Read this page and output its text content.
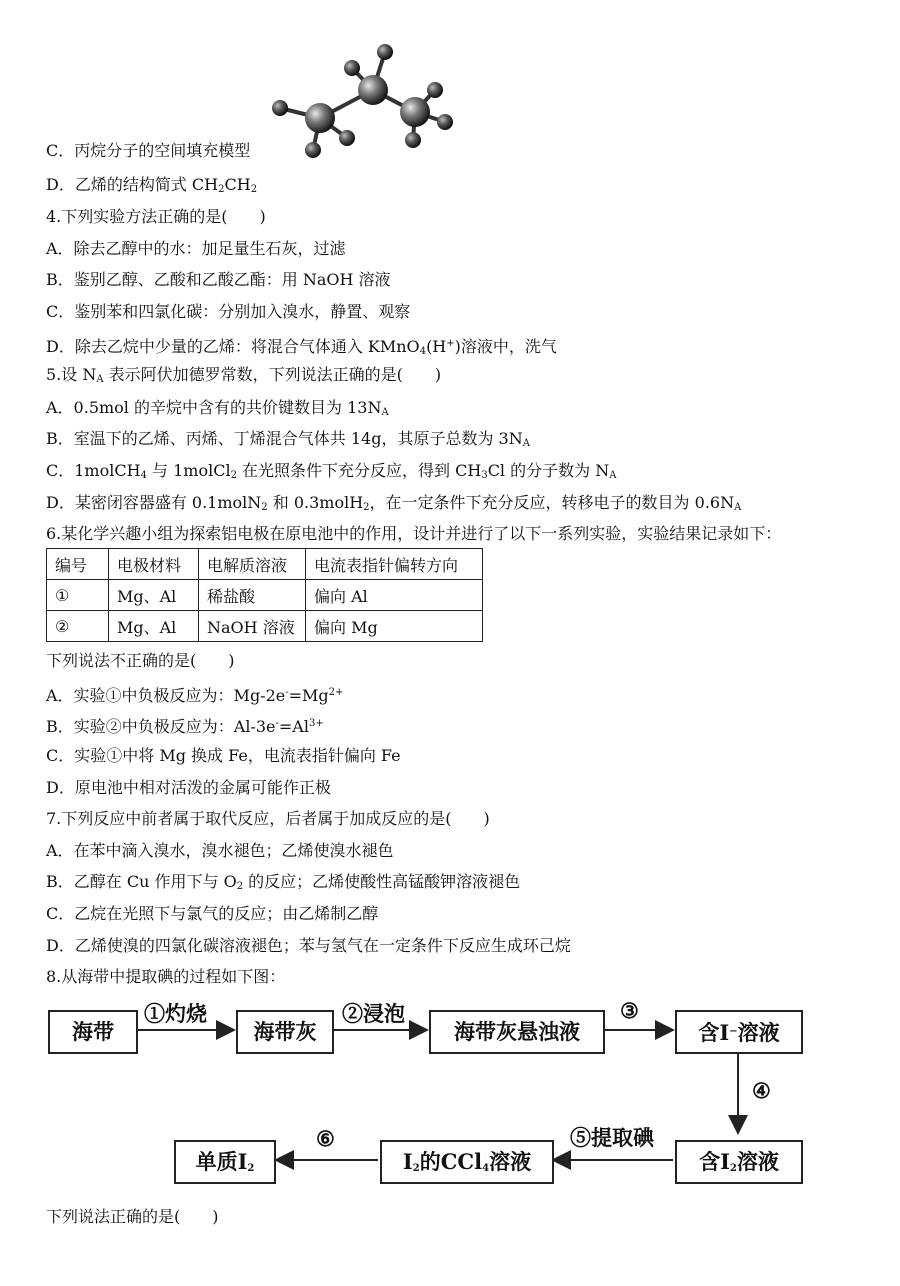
C．丙烷分子的空间填充模型
D．乙烯的结构简式 $CH_2CH_2$
4.下列实验方法正确的是(　　)
A．除去乙醇中的水：加足量生石灰，过滤
B．鉴别乙醇、乙酸和乙酸乙酯：用 NaOH 溶液
C．鉴别苯和四氯化碳：分别加入溴水，静置、观察
D．除去乙烷中少量的乙烯：将混合气体通入 KMnO$_4$(H+)溶液中，洗气
5.设 $N_A$ 表示阿伏加德罗常数，下列说法正确的是(　　)
A．0.5mol 的辛烷中含有的共价键数目为 $13N_A$
B．室温下的乙烯、丙烯、丁烯混合气体共 14g，其原子总数为 $3N_A$
C．1molCH$_4$ 与 1molCl$_2$ 在光照条件下充分反应，得到 $CH_3Cl$ 的分子数为 $N_A$
D．某密闭容器盛有 0.1molN$_2$ 和 0.3molH$_2$，在一定条件下充分反应，转移电子的数目为 $0.6N_A$
6.某化学兴趣小组为探索铝电极在原电池中的作用，设计并进行了以下一系列实验，实验结果记录如下：
编号	电极材料	电解质溶液	电流表指针偏转方向
①	Mg、Al	稀盐酸	偏向 Al
②	Mg、Al	NaOH 溶液	偏向 Mg
下列说法不正确的是(　　)
A．实验①中负极反应为：$Mg-2e^-=Mg^{2+}$
B．实验②中负极反应为：$Al-3e^-=Al^{3+}$
C．实验①中将 Mg 换成 Fe，电流表指针偏向 Fe
D．原电池中相对活泼的金属可能作正极
7.下列反应中前者属于取代反应，后者属于加成反应的是(　　)
A．在苯中滴入溴水，溴水褪色；乙烯使溴水褪色
B．乙醇在 Cu 作用下与 $O_2$ 的反应；乙烯使酸性高锰酸钾溶液褪色
C．乙烷在光照下与氯气的反应；由乙烯制乙醇
D．乙烯使溴的四氯化碳溶液褪色；苯与氢气在一定条件下反应生成环己烷
8.从海带中提取碘的过程如下图：
海带
①灼烧
海带灰
②浸泡
海带灰悬浊液
③
含I−溶液
④
含$I_2$溶液
⑤提取碘
$I_2$的CCl$_4$溶液
⑥
单质$I_2$
下列说法正确的是(　　)
